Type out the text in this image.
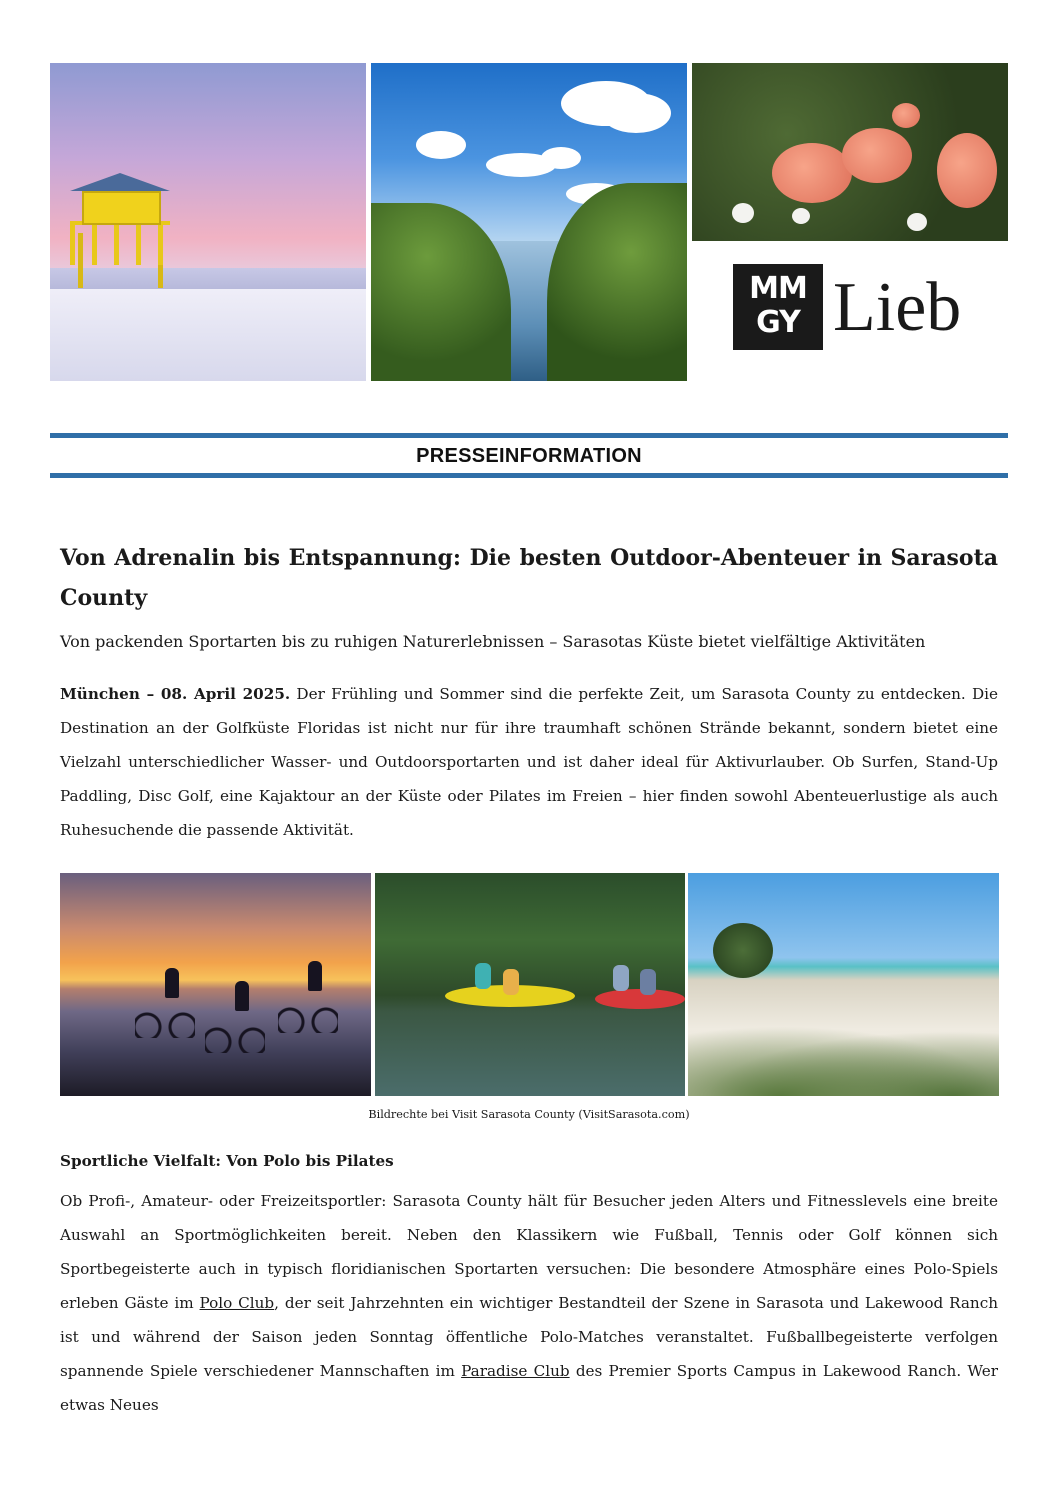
MM
GY Lieb
PRESSEINFORMATION
Von Adrenalin bis Entspannung: Die besten Outdoor-Abenteuer in Sarasota County
Von packenden Sportarten bis zu ruhigen Naturerlebnissen – Sarasotas Küste bietet vielfältige Aktivitäten

München – 08. April 2025. Der Frühling und Sommer sind die perfekte Zeit, um Sarasota County zu entdecken. Die Destination an der Golfküste Floridas ist nicht nur für ihre traumhaft schönen Strände bekannt, sondern bietet eine Vielzahl unterschiedlicher Wasser- und Outdoorsportarten und ist daher ideal für Aktivurlauber. Ob Surfen, Stand-Up Paddling, Disc Golf, eine Kajaktour an der Küste oder Pilates im Freien – hier finden sowohl Abenteuerlustige als auch Ruhesuchende die passende Aktivität.

Bildrechte bei Visit Sarasota County (VisitSarasota.com)
Sportliche Vielfalt: Von Polo bis Pilates

Ob Profi-, Amateur- oder Freizeitsportler: Sarasota County hält für Besucher jeden Alters und Fitnesslevels eine breite Auswahl an Sportmöglichkeiten bereit. Neben den Klassikern wie Fußball, Tennis oder Golf können sich Sportbegeisterte auch in typisch floridianischen Sportarten versuchen: Die besondere Atmosphäre eines Polo-Spiels erleben Gäste im Polo Club, der seit Jahrzehnten ein wichtiger Bestandteil der Szene in Sarasota und Lakewood Ranch ist und während der Saison jeden Sonntag öffentliche Polo-Matches veranstaltet. Fußballbegeisterte verfolgen spannende Spiele verschiedener Mannschaften im Paradise Club des Premier Sports Campus in Lakewood Ranch. Wer etwas Neues
